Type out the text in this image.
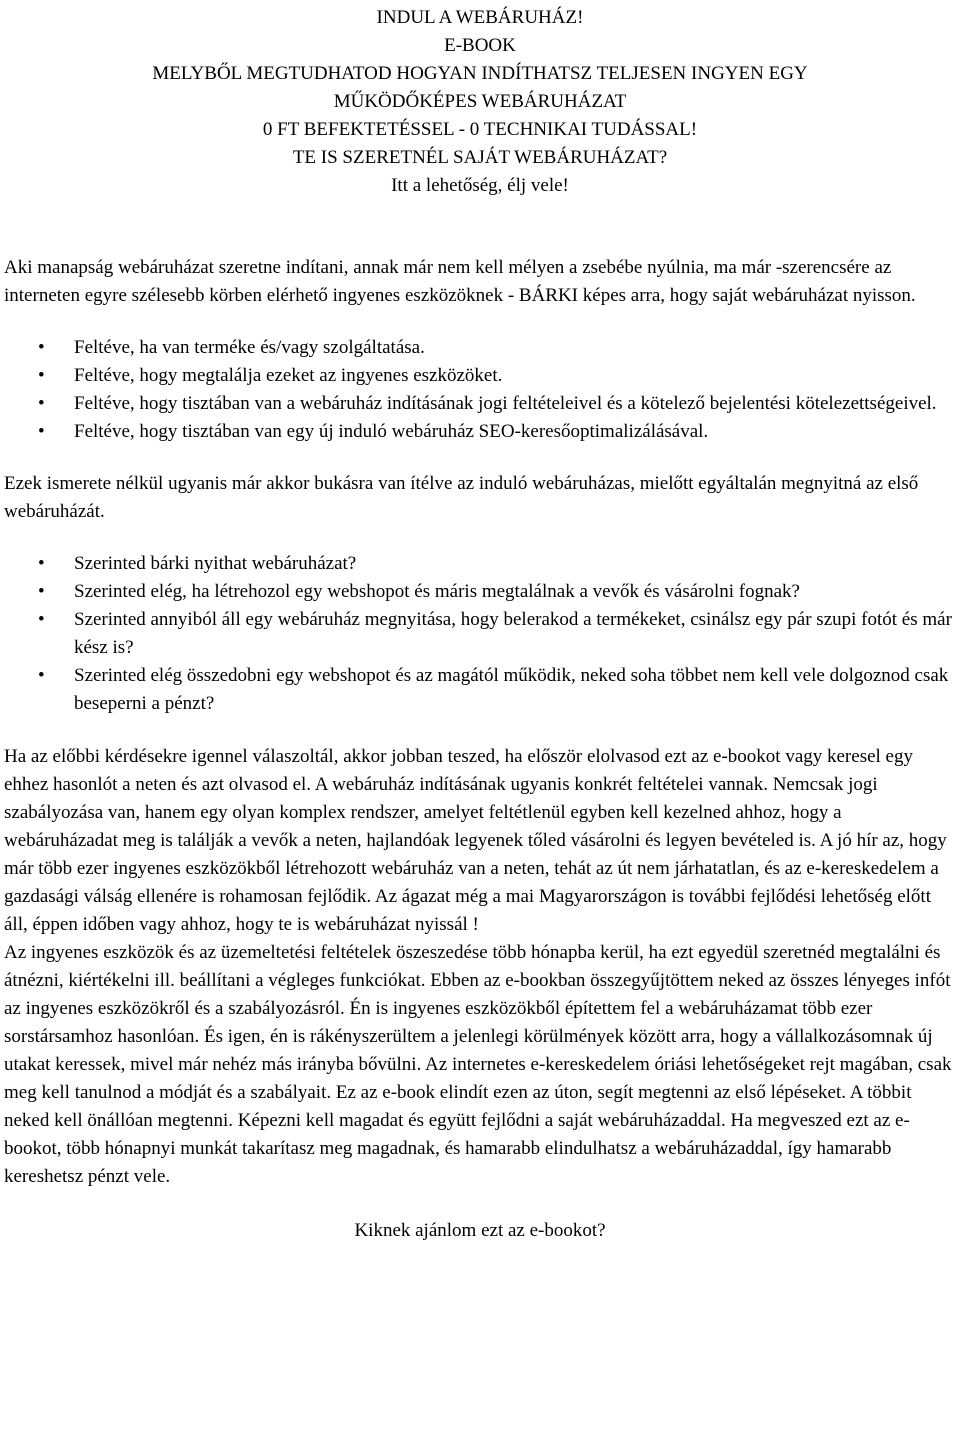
INDUL A WEBÁRUHÁZ!
E-BOOK
MELYBŐL MEGTUDHATOD HOGYAN INDÍTHATSZ TELJESEN INGYEN EGY
MŰKÖDŐKÉPES WEBÁRUHÁZAT
0 FT BEFEKTETÉSSEL - 0 TECHNIKAI TUDÁSSAL!
TE IS SZERETNÉL SAJÁT WEBÁRUHÁZAT?
Itt a lehetőség, élj vele!

Aki manapság webáruházat szeretne indítani, annak már nem kell mélyen a zsebébe nyúlnia, ma már -szerencsére az interneten egyre szélesebb körben elérhető ingyenes eszközöknek - BÁRKI képes arra, hogy saját webáruházat nyisson.

• Feltéve, ha van terméke és/vagy szolgáltatása.
• Feltéve, hogy megtalálja ezeket az ingyenes eszközöket.
• Feltéve, hogy tisztában van a webáruház indításának jogi feltételeivel és a kötelező bejelentési kötelezettségeivel.
• Feltéve, hogy tisztában van egy új induló webáruház SEO-keresőoptimalizálásával.

Ezek ismerete nélkül ugyanis már akkor bukásra van ítélve az induló webáruházas, mielőtt egyáltalán megnyitná az első webáruházát.

• Szerinted bárki nyithat webáruházat?
• Szerinted elég, ha létrehozol egy webshopot és máris megtalálnak a vevők és vásárolni fognak?
• Szerinted annyiból áll egy webáruház megnyitása, hogy belerakod a termékeket, csinálsz egy pár szupi fotót és már kész is?
• Szerinted elég összedobni egy webshopot és az magától működik, neked soha többet nem kell vele dolgoznod csak beseperni a pénzt?

Ha az előbbi kérdésekre igennel válaszoltál, akkor jobban teszed, ha először elolvasod ezt az e-bookot vagy keresel egy ehhez hasonlót a neten és azt olvasod el. A webáruház indításának ugyanis konkrét feltételei vannak. Nemcsak jogi szabályozása van, hanem egy olyan komplex rendszer, amelyet feltétlenül egyben kell kezelned ahhoz, hogy a webáruházadat meg is találják a vevők a neten, hajlandóak legyenek tőled vásárolni és legyen bevételed is. A jó hír az, hogy már több ezer ingyenes eszközökből létrehozott webáruház van a neten, tehát az út nem járhatatlan, és az e-kereskedelem a gazdasági válság ellenére is rohamosan fejlődik. Az ágazat még a mai Magyarországon is további fejlődési lehetőség előtt áll, éppen időben vagy ahhoz, hogy te is webáruházat nyissál !

Az ingyenes eszközök és az üzemeltetési feltételek öszeszedése több hónapba kerül, ha ezt egyedül szeretnéd megtalálni és átnézni, kiértékelni ill. beállítani a végleges funkciókat. Ebben az e-bookban összegyűjtöttem neked az összes lényeges infót az ingyenes eszközökről és a szabályozásról. Én is ingyenes eszközökből építettem fel a webáruházamat több ezer sorstársamhoz hasonlóan. És igen, én is rákényszerültem a jelenlegi körülmények között arra, hogy a vállalkozásomnak új utakat keressek, mivel már nehéz más irányba bővülni. Az internetes e-kereskedelem óriási lehetőségeket rejt magában, csak meg kell tanulnod a módját és a szabályait. Ez az e-book elindít ezen az úton, segít megtenni az első lépéseket. A többit neked kell önállóan megtenni. Képezni kell magadat és együtt fejlődni a saját webáruházaddal. Ha megveszed ezt az e-bookot, több hónapnyi munkát takarítasz meg magadnak, és hamarabb elindulhatsz a webáruházaddal, így hamarabb kereshetsz pénzt vele.

Kiknek ajánlom ezt az e-bookot?
